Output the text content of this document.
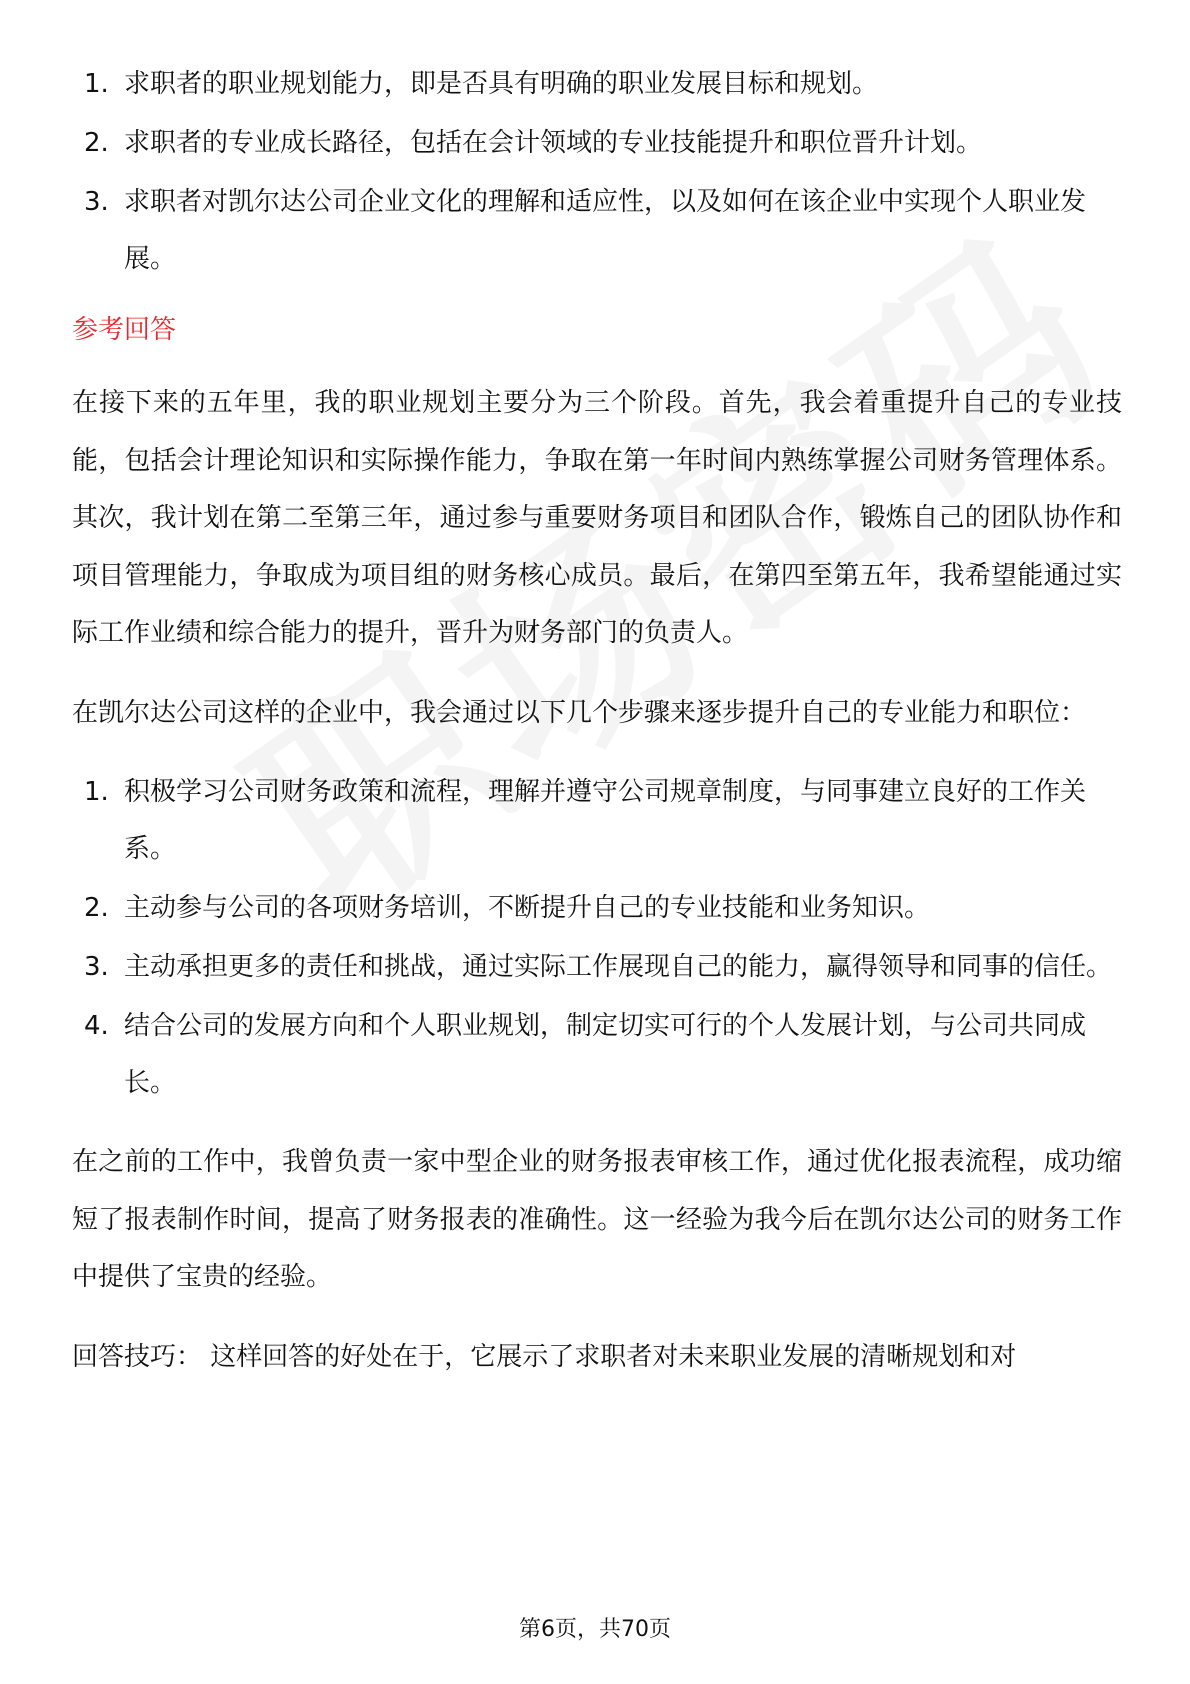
1. 求职者的职业规划能力，即是否具有明确的职业发展目标和规划。
2. 求职者的专业成长路径，包括在会计领域的专业技能提升和职位晋升计划。
3. 求职者对凯尔达公司企业文化的理解和适应性，以及如何在该企业中实现个人职业发展。
参考回答

在接下来的五年里，我的职业规划主要分为三个阶段。首先，我会着重提升自己的专业技能，包括会计理论知识和实际操作能力，争取在第一年时间内熟练掌握公司财务管理体系。其次，我计划在第二至第三年，通过参与重要财务项目和团队合作，锻炼自己的团队协作和项目管理能力，争取成为项目组的财务核心成员。最后，在第四至第五年，我希望能通过实际工作业绩和综合能力的提升，晋升为财务部门的负责人。

在凯尔达公司这样的企业中，我会通过以下几个步骤来逐步提升自己的专业能力和职位：

1. 积极学习公司财务政策和流程，理解并遵守公司规章制度，与同事建立良好的工作关系。
2. 主动参与公司的各项财务培训，不断提升自己的专业技能和业务知识。
3. 主动承担更多的责任和挑战，通过实际工作展现自己的能力，赢得领导和同事的信任。
4. 结合公司的发展方向和个人职业规划，制定切实可行的个人发展计划，与公司共同成长。

在之前的工作中，我曾负责一家中型企业的财务报表审核工作，通过优化报表流程，成功缩短了报表制作时间，提高了财务报表的准确性。这一经验为我今后在凯尔达公司的财务工作中提供了宝贵的经验。

回答技巧： 这样回答的好处在于，它展示了求职者对未来职业发展的清晰规划和对

第6页，共70页
